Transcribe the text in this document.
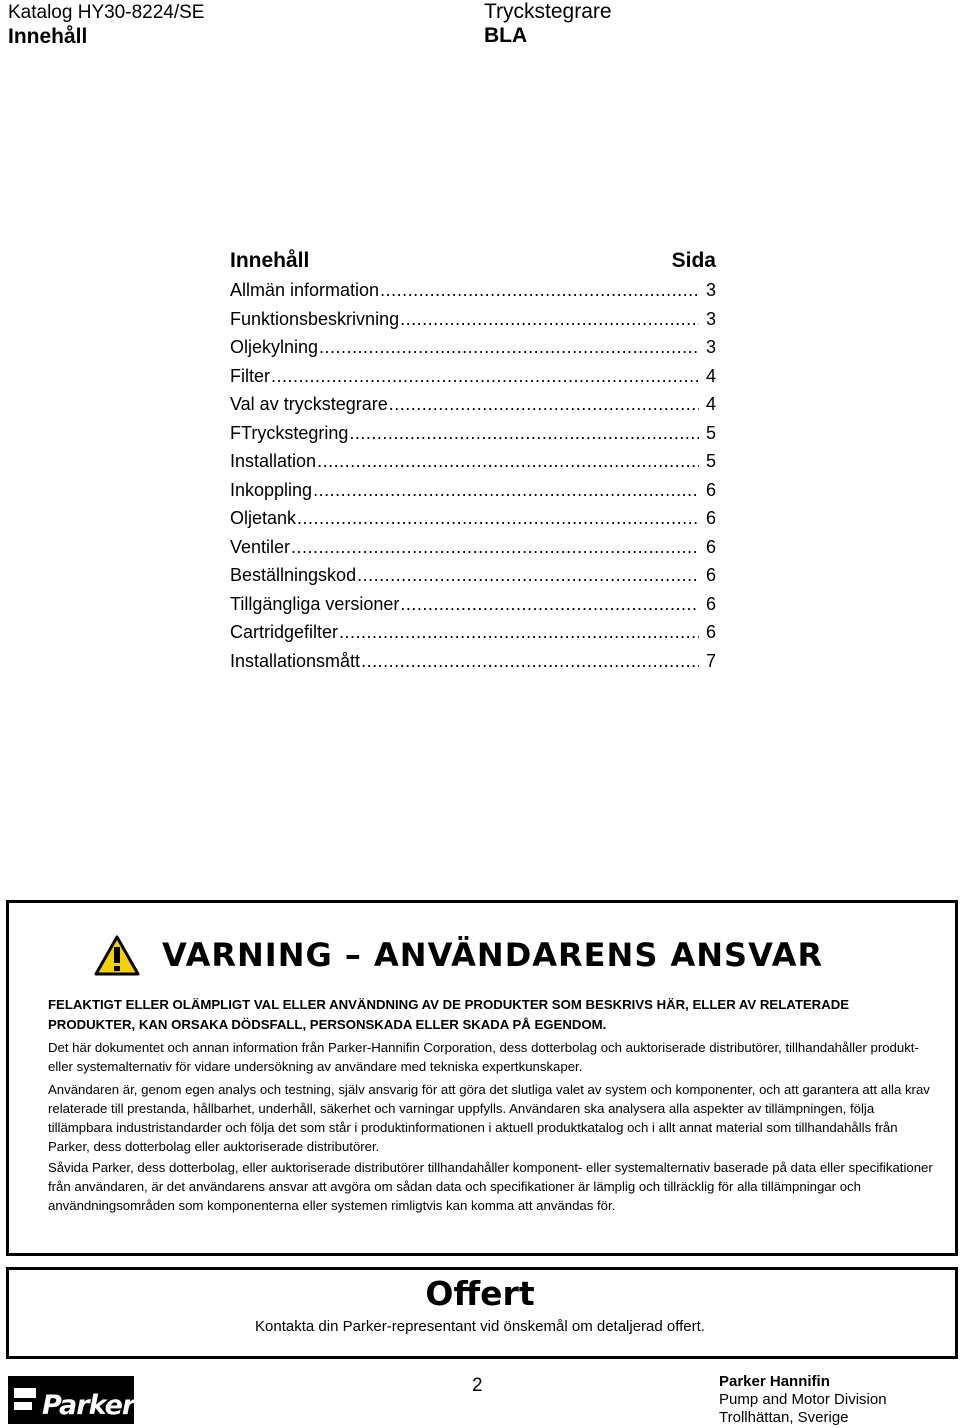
Katalog HY30-8224/SE
Innehåll
Tryckstegrare
BLA
Innehåll	Sida
Allmän information .....	3
Funktionsbeskrivning .....	3
Oljekylning .....	3
Filter .....	4
Val av tryckstegrare .....	4
FTryckstegring .....	5
Installation .....	5
Inkoppling .....	6
Oljetank .....	6
Ventiler .....	6
Beställningskod .....	6
Tillgängliga versioner .....	6
Cartridgefilter .....	6
Installationsmått .....	7
VARNING – ANVÄNDARENS ANSVAR
FELAKTIGT ELLER OLÄMPLIGT VAL ELLER ANVÄNDNING AV DE PRODUKTER SOM BESKRIVS HÄR, ELLER AV RELATERADE PRODUKTER, KAN ORSAKA DÖDSFALL, PERSONSKADA ELLER SKADA PÅ EGENDOM.
Det här dokumentet och annan information från Parker-Hannifin Corporation, dess dotterbolag och auktoriserade distributörer, tillhandahåller produkt- eller systemalternativ för vidare undersökning av användare med tekniska expertkunskaper.
Användaren är, genom egen analys och testning, själv ansvarig för att göra det slutliga valet av system och komponenter, och att garantera att alla krav relaterade till prestanda, hållbarhet, underhåll, säkerhet och varningar uppfylls. Användaren ska analysera alla aspekter av tillämpningen, följa tillämpbara industristandarder och följa det som står i produktinformationen i aktuell produktkatalog och i allt annat material som tillhandahålls från Parker, dess dotterbolag eller auktoriserade distributörer.
Såvida Parker, dess dotterbolag, eller auktoriserade distributörer tillhandahåller komponent- eller systemalternativ baserade på data eller specifikationer från användaren, är det användarens ansvar att avgöra om sådan data och specifikationer är lämplig och tillräcklig för alla tillämpningar och användningsområden som komponenterna eller systemen rimligtvis kan komma att användas för.
Offert
Kontakta din Parker-representant vid önskemål om detaljerad offert.
Parker
2	Parker Hannifin
Pump and Motor Division
Trollhättan, Sverige
